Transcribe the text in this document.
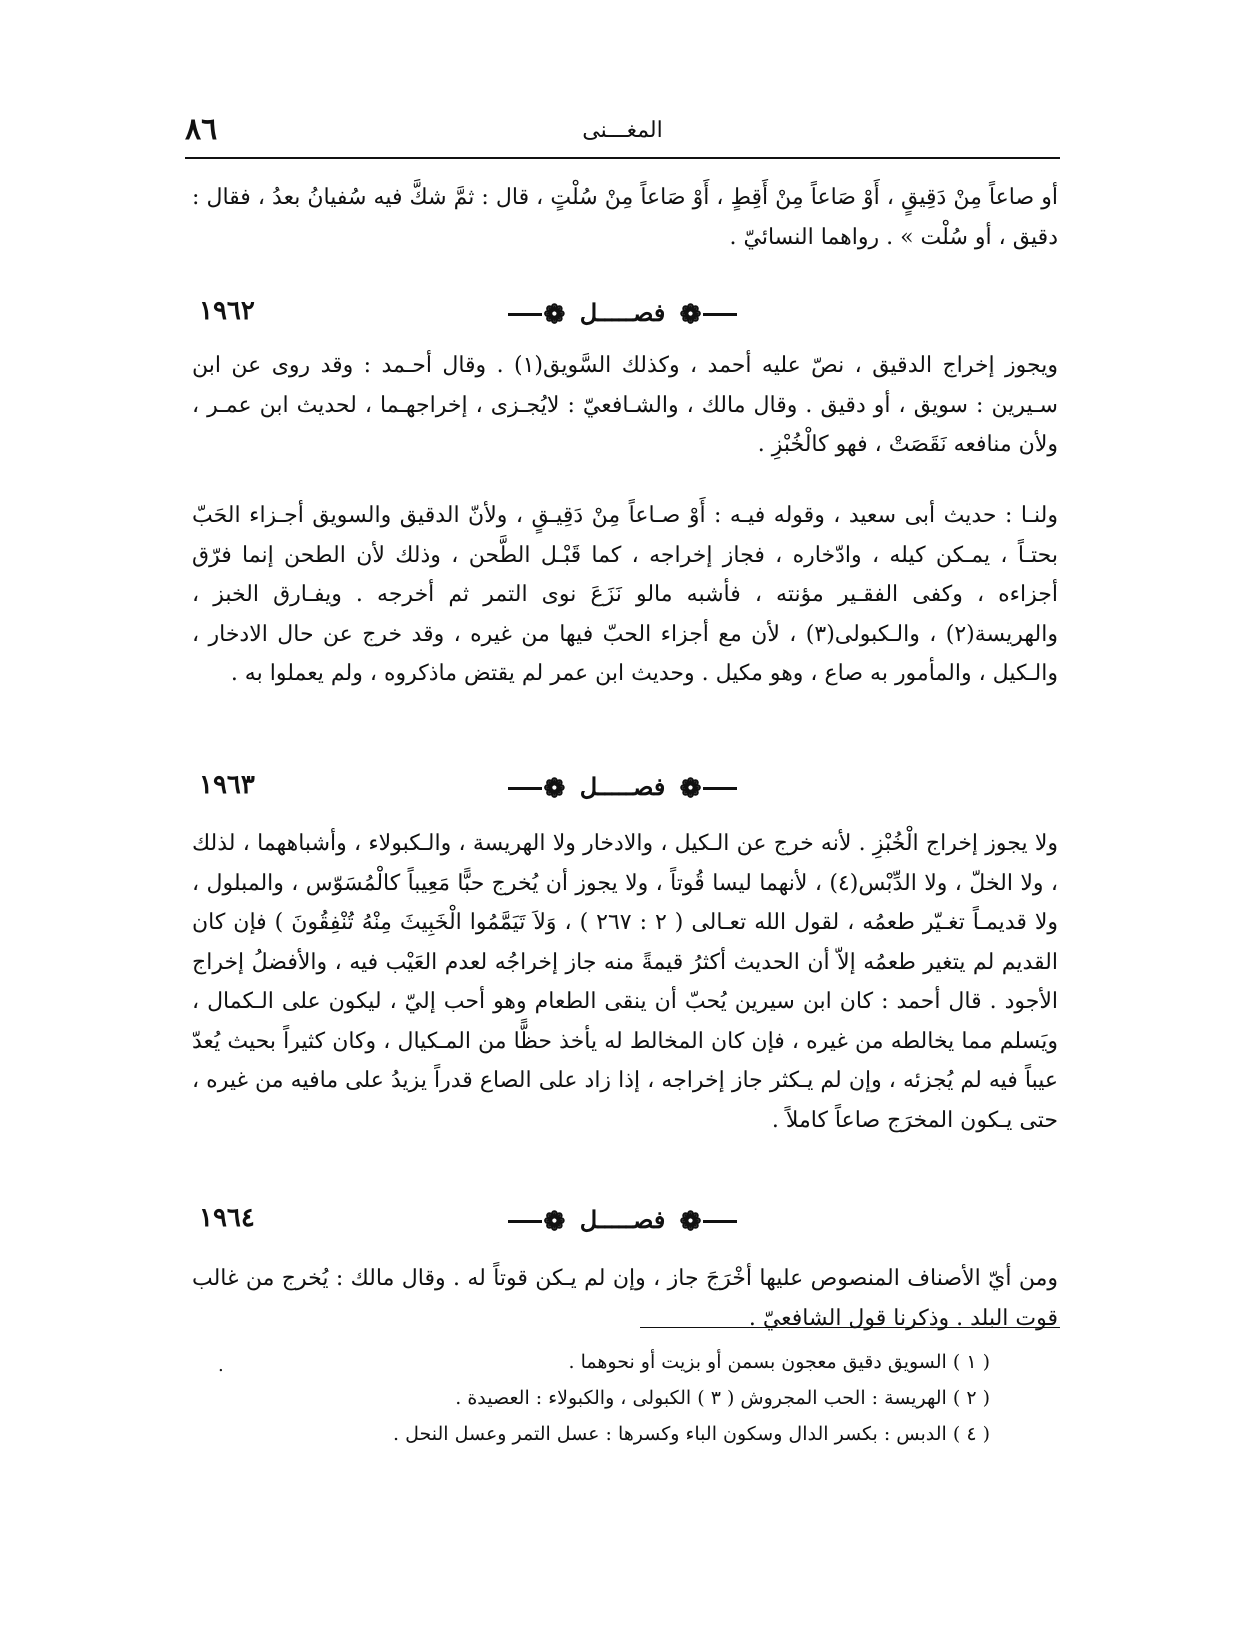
٨٦	المغـــنى
أو صاعاً مِنْ دَقِيقٍ ، أَوْ صَاعاً مِنْ أَقِطٍ ، أَوْ صَاعاً مِنْ سُلْتٍ ، قال : ثمَّ شكَّ فيه سُفيانُ بعدُ ، فقال : دقيق ، أو سُلْت » . رواهما النسائيّ .
١٩٦٢	❁ فصـــــل ❁
ويجوز إخراج الدقيق ، نصّ عليه أحمد ، وكذلك السَّويق(١) . وقال أحـمد : وقد روى عن ابن سـيرين : سويق ، أو دقيق . وقال مالك ، والشـافعيّ : لايُجـزى ، إخراجهـما ، لحديث ابن عمـر ، ولأن منافعه نَقَصَتْ ، فهو كالْخُبْزِ .
ولنـا : حديث أبى سعيد ، وقوله فيـه : أَوْ صـاعاً مِنْ دَقِيـقٍ ، ولأنّ الدقيق والسويق أجـزاء الحَبّ بحتـاً ، يمـكن كيله ، وادّخاره ، فجاز إخراجه ، كما قَبْـل الطَّحن ، وذلك لأن الطحن إنما فرّق أجزاءه ، وكفى الفقـير مؤنته ، فأشبه مالو نَزَعَ نوى التمر ثم أخرجه . ويفـارق الخبز ، والهريسة(٢) ، والـكبولى(٣) ، لأن مع أجزاء الحبّ فيها من غيره ، وقد خرج عن حال الادخار ، والـكيل ، والمأمور به صاع ، وهو مكيل . وحديث ابن عمر لم يقتض ماذكروه ، ولم يعملوا به .
١٩٦٣	❁ فصـــــل ❁
ولا يجوز إخراج الْخُبْزِ . لأنه خرج عن الـكيل ، والادخار ولا الهريسة ، والـكبولاء ، وأشباههما ، لذلك ، ولا الخلّ ، ولا الدِّبْس(٤) ، لأنهما ليسا قُوتاً ، ولا يجوز أن يُخرج حبًّا مَعِيباً كالْمُسَوّس ، والمبلول ، ولا قديمـاً تغـيّر طعمُه ، لقول الله تعـالى ( ٢ : ٢٦٧ ) ، وَلاَ تَيَمَّمُوا الْخَبِيثَ مِنْهُ تُنْفِقُونَ ) فإن كان القديم لم يتغير طعمُه إلاّ أن الحديث أكثرُ قيمةً منه جاز إخراجُه لعدم العَيْب فيه ، والأفضلُ إخراج الأجود . قال أحمد : كان ابن سيرين يُحبّ أن ينقى الطعام وهو أحب إليّ ، ليكون على الـكمال ، ويَسلم مما يخالطه من غيره ، فإن كان المخالط له يأخذ حظًّا من المـكيال ، وكان كثيراً بحيث يُعدّ عيباً فيه لم يُجزئه ، وإن لم يـكثر جاز إخراجه ، إذا زاد على الصاع قدراً يزيدُ على مافيه من غيره ، حتى يـكون المخرَج صاعاً كاملاً .
١٩٦٤	❁ فصـــــل ❁
ومن أيّ الأصناف المنصوص عليها أخْرَجَ جاز ، وإن لم يـكن قوتاً له . وقال مالك : يُخرج من غالب قوت البلد . وذكرنا قول الشافعيّ .
.	( ١ ) السويق دقيق معجون بسمن أو بزيت أو نحوهما .
( ٢ ) الهريسة : الحب المجروش ( ٣ ) الكبولى ، والكبولاء : العصيدة .
( ٤ ) الدبس : بكسر الدال وسكون الباء وكسرها : عسل التمر وعسل النحل .
